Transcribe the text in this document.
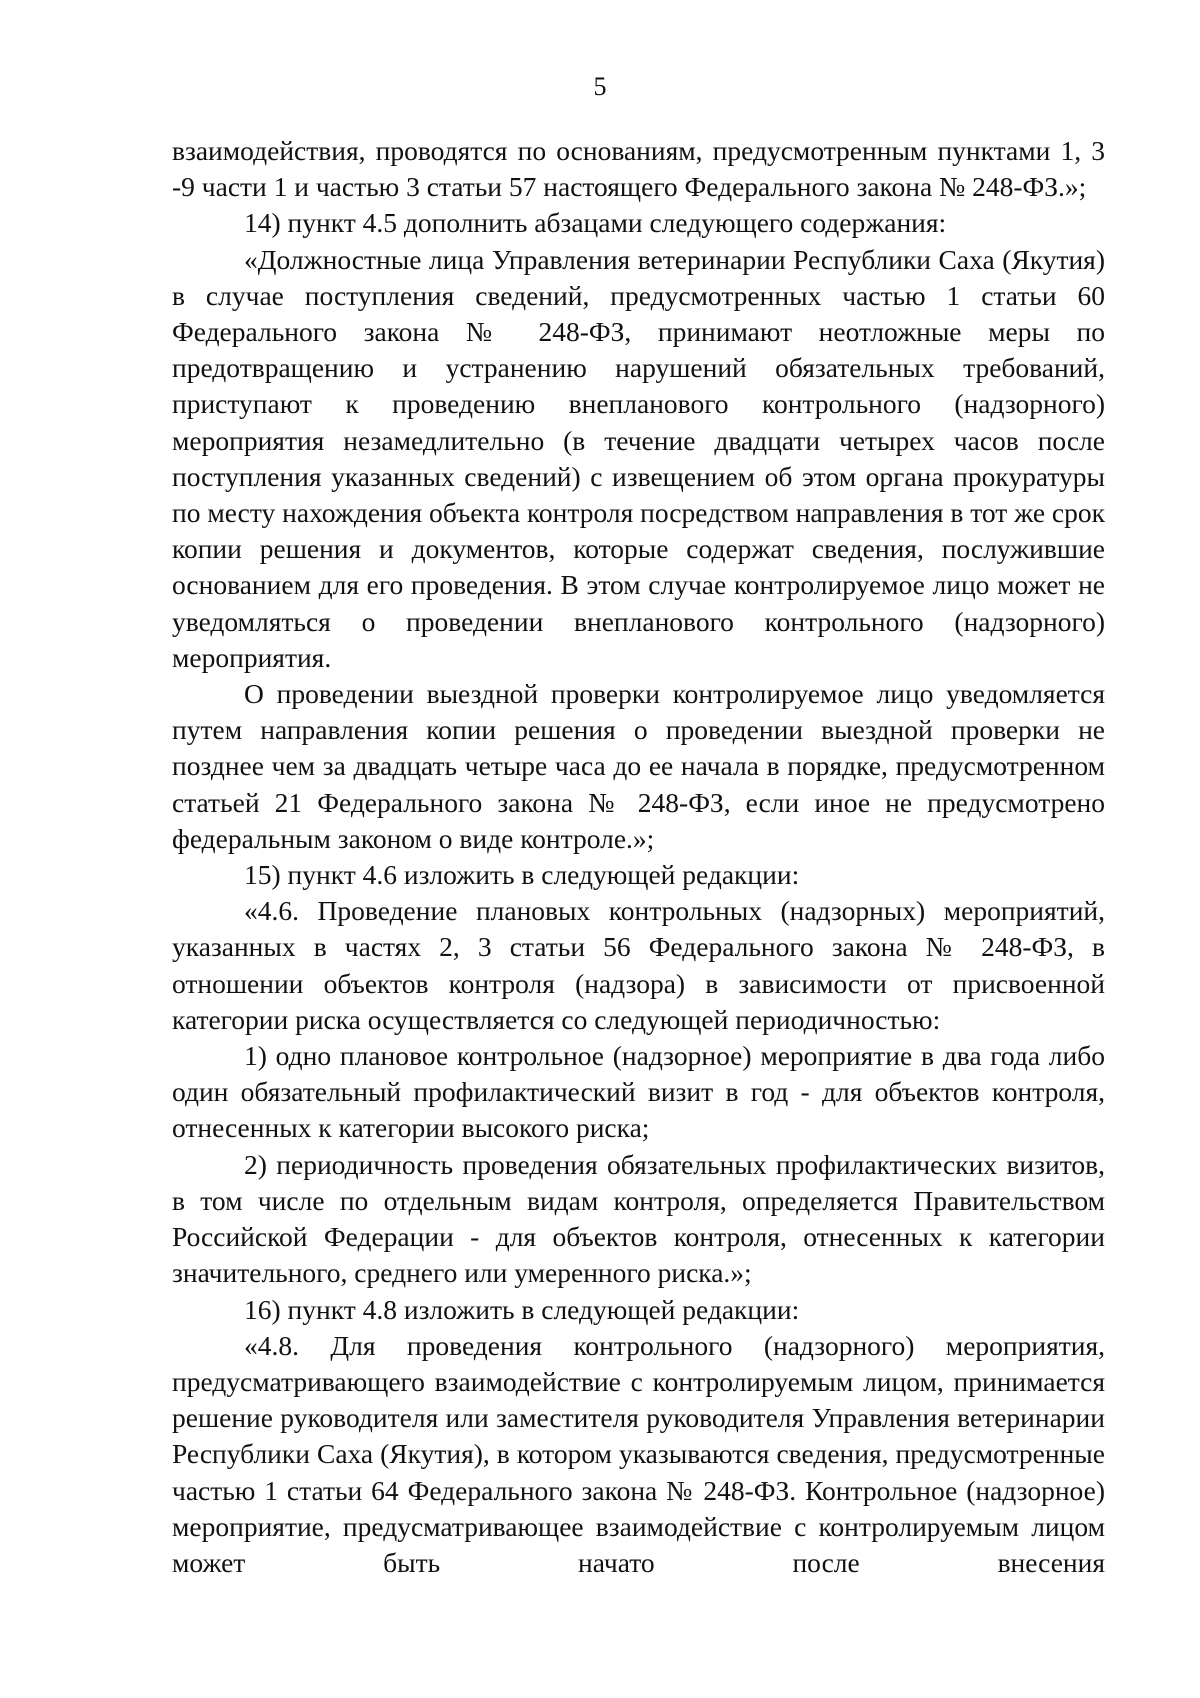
5

взаимодействия, проводятся по основаниям, предусмотренным пунктами 1, 3 -9 части 1 и частью 3 статьи 57 настоящего Федерального закона № 248-ФЗ.»;

14) пункт 4.5 дополнить абзацами следующего содержания:

«Должностные лица Управления ветеринарии Республики Саха (Якутия) в случае поступления сведений, предусмотренных частью 1 статьи 60 Федерального закона № 248-ФЗ, принимают неотложные меры по предотвращению и устранению нарушений обязательных требований, приступают к проведению внепланового контрольного (надзорного) мероприятия незамедлительно (в течение двадцати четырех часов после поступления указанных сведений) с извещением об этом органа прокуратуры по месту нахождения объекта контроля посредством направления в тот же срок копии решения и документов, которые содержат сведения, послужившие основанием для его проведения. В этом случае контролируемое лицо может не уведомляться о проведении внепланового контрольного (надзорного) мероприятия.

О проведении выездной проверки контролируемое лицо уведомляется путем направления копии решения о проведении выездной проверки не позднее чем за двадцать четыре часа до ее начала в порядке, предусмотренном статьей 21 Федерального закона № 248-ФЗ, если иное не предусмотрено федеральным законом о виде контроле.»;

15) пункт 4.6 изложить в следующей редакции:

«4.6. Проведение плановых контрольных (надзорных) мероприятий, указанных в частях 2, 3 статьи 56 Федерального закона № 248-ФЗ, в отношении объектов контроля (надзора) в зависимости от присвоенной категории риска осуществляется со следующей периодичностью:

1) одно плановое контрольное (надзорное) мероприятие в два года либо один обязательный профилактический визит в год - для объектов контроля, отнесенных к категории высокого риска;

2) периодичность проведения обязательных профилактических визитов, в том числе по отдельным видам контроля, определяется Правительством Российской Федерации - для объектов контроля, отнесенных к категории значительного, среднего или умеренного риска.»;

16) пункт 4.8 изложить в следующей редакции:

«4.8. Для проведения контрольного (надзорного) мероприятия, предусматривающего взаимодействие с контролируемым лицом, принимается решение руководителя или заместителя руководителя Управления ветеринарии Республики Саха (Якутия), в котором указываются сведения, предусмотренные частью 1 статьи 64 Федерального закона № 248-ФЗ. Контрольное (надзорное) мероприятие, предусматривающее взаимодействие с контролируемым лицом может быть начато после внесения
